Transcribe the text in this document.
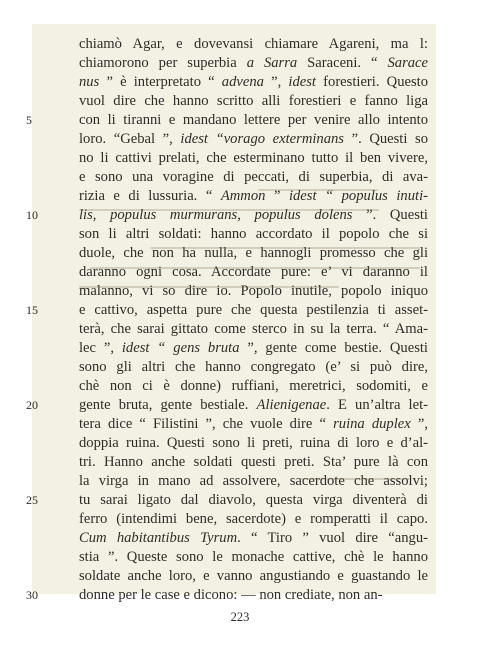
chiamò Agar, e dovevansi chiamare Agareni, ma l:
chiamorono per superbia a Sarra Saraceni. “ Sarace
nus ” è interpretato “ advena ”, idest forestieri. Questo
vuol dire che hanno scritto alli forestieri e fanno liga
5	con li tiranni e mandano lettere per venire allo intento
loro. “Gebal ”, idest “vorago exterminans ”. Questi so
no li cattivi prelati, che esterminano tutto il ben vivere,
e sono una voragine di peccati, di superbia, di ava-
rizia e di lussuria. “ Ammon ” idest “ populus inuti-
10	lis, populus murmurans, populus dolens ”. Questi
son li altri soldati: hanno accordato il popolo che si
duole, che non ha nulla, e hannogli promesso che gli
daranno ogni cosa. Accordate pure: e’ vi daranno il
malanno, vi so dire io. Popolo inutile, popolo iniquo
15	e cattivo, aspetta pure che questa pestilenzia ti asset-
terà, che sarai gittato come sterco in su la terra. “ Ama-
lec ”, idest “ gens bruta ”, gente come bestie. Questi
sono gli altri che hanno congregato (e’ si può dire,
chè non ci è donne) ruffiani, meretrici, sodomiti, e
20	gente bruta, gente bestiale. Alienigenae. E un’altra let-
tera dice “ Filistini ”, che vuole dire “ ruina duplex ”,
doppia ruina. Questi sono li preti, ruina di loro e d’al-
tri. Hanno anche soldati questi preti. Sta’ pure là con
la virga in mano ad assolvere, sacerdote che assolvi;
25	tu sarai ligato dal diavolo, questa virga diventerà di
ferro (intendimi bene, sacerdote) e romperatti il capo.
Cum habitantibus Tyrum. “ Tiro ” vuol dire “angu-
stia ”. Queste sono le monache cattive, chè le hanno
soldate anche loro, e vanno angustiando e guastando le
30	donne per le case e dicono: — non crediate, non an-
223
